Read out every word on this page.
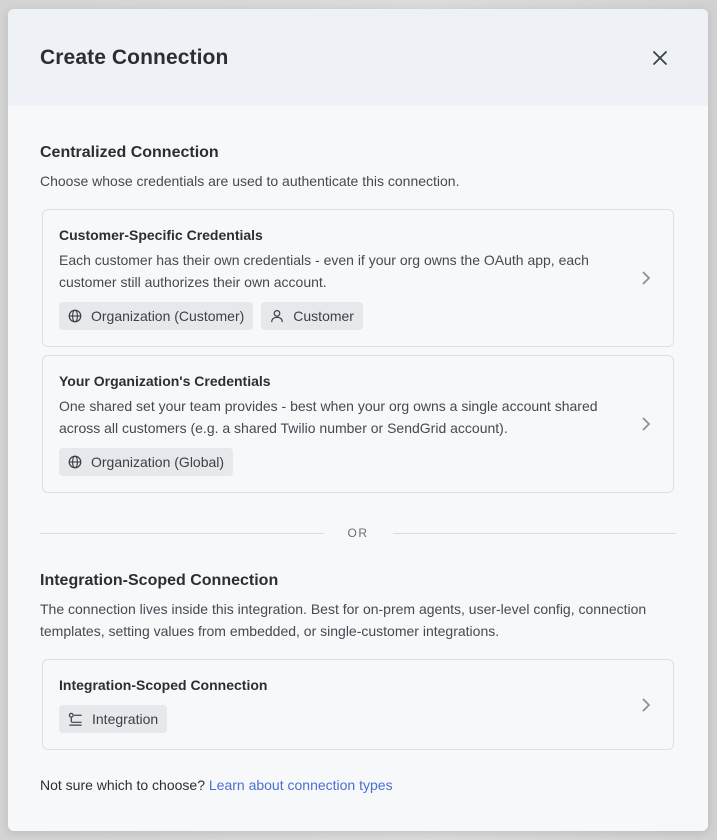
Create Connection
Centralized Connection
Choose whose credentials are used to authenticate this connection.
Customer-Specific Credentials
Each customer has their own credentials - even if your org owns the OAuth app, each customer still authorizes their own account.
Organization (Customer)	Customer
Your Organization's Credentials
One shared set your team provides - best when your org owns a single account shared across all customers (e.g. a shared Twilio number or SendGrid account).
Organization (Global)
OR
Integration-Scoped Connection
The connection lives inside this integration. Best for on-prem agents, user-level config, connection templates, setting values from embedded, or single-customer integrations.
Integration-Scoped Connection
Integration
Not sure which to choose? Learn about connection types
